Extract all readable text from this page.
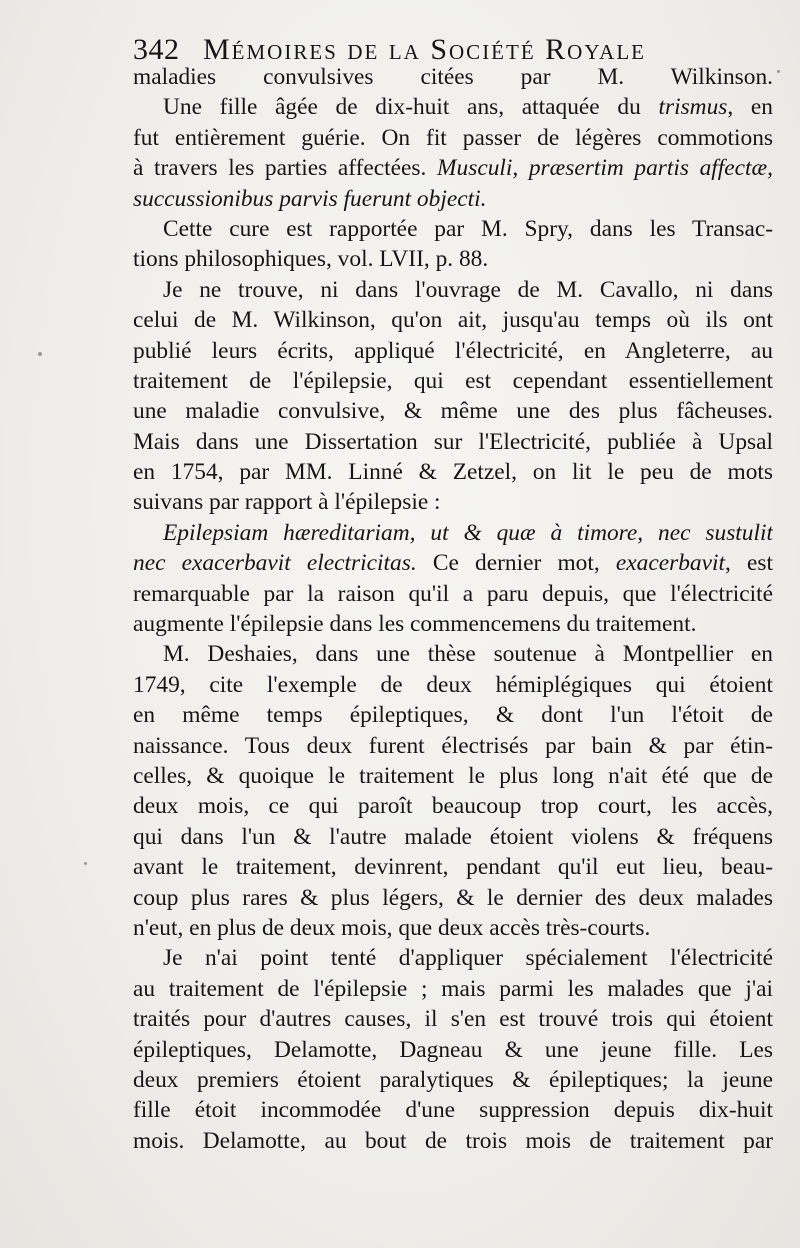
342 Mémoires de la Société Royale
maladies convulsives citées par M. Wilkinson.
Une fille âgée de dix-huit ans, attaquée du trismus, en
fut entièrement guérie. On fit passer de légères commotions
à travers les parties affectées. Musculi, præsertim partis affectæ,
succussionibus parvis fuerunt objecti.
Cette cure est rapportée par M. Spry, dans les Transac-
tions philosophiques, vol. LVII, p. 88.
Je ne trouve, ni dans l'ouvrage de M. Cavallo, ni dans
celui de M. Wilkinson, qu'on ait, jusqu'au temps où ils ont
publié leurs écrits, appliqué l'électricité, en Angleterre, au
traitement de l'épilepsie, qui est cependant essentiellement
une maladie convulsive, & même une des plus fâcheuses.
Mais dans une Dissertation sur l'Electricité, publiée à Upsal
en 1754, par MM. Linné & Zetzel, on lit le peu de mots
suivans par rapport à l'épilepsie :
Epilepsiam hæreditariam, ut & quæ à timore, nec sustulit
nec exacerbavit electricitas. Ce dernier mot, exacerbavit, est
remarquable par la raison qu'il a paru depuis, que l'électricité
augmente l'épilepsie dans les commencemens du traitement.
M. Deshaies, dans une thèse soutenue à Montpellier en
1749, cite l'exemple de deux hémiplégiques qui étoient
en même temps épileptiques, & dont l'un l'étoit de
naissance. Tous deux furent électrisés par bain & par étin-
celles, & quoique le traitement le plus long n'ait été que de
deux mois, ce qui paroît beaucoup trop court, les accès,
qui dans l'un & l'autre malade étoient violens & fréquens
avant le traitement, devinrent, pendant qu'il eut lieu, beau-
coup plus rares & plus légers, & le dernier des deux malades
n'eut, en plus de deux mois, que deux accès très-courts.
Je n'ai point tenté d'appliquer spécialement l'électricité
au traitement de l'épilepsie ; mais parmi les malades que j'ai
traités pour d'autres causes, il s'en est trouvé trois qui étoient
épileptiques, Delamotte, Dagneau & une jeune fille. Les
deux premiers étoient paralytiques & épileptiques; la jeune
fille étoit incommodée d'une suppression depuis dix-huit
mois. Delamotte, au bout de trois mois de traitement par
